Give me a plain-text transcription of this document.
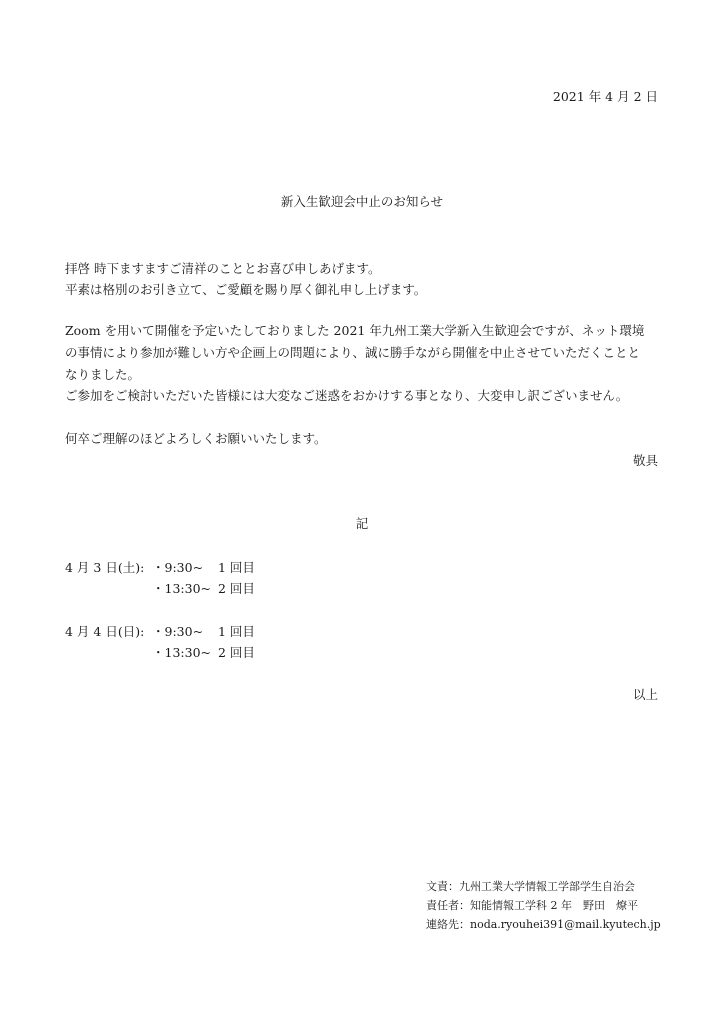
2021 年 4 月 2 日
新入生歓迎会中止のお知らせ
拝啓 時下ますますご清祥のこととお喜び申しあげます。
平素は格別のお引き立て、ご愛顧を賜り厚く御礼申し上げます。
Zoom を用いて開催を予定いたしておりました 2021 年九州工業大学新入生歓迎会ですが、ネット環境
の事情により参加が難しい方や企画上の問題により、誠に勝手ながら開催を中止させていただくことと
なりました。
ご参加をご検討いただいた皆様には大変なご迷惑をおかけする事となり、大変申し訳ございません。
何卒ご理解のほどよろしくお願いいたします。
敬具
記
4 月 3 日(土): ・9:30~ 1 回目
・13:30~ 2 回目
4 月 4 日(日): ・9:30~ 1 回目
・13:30~ 2 回目
以上
文責：九州工業大学情報工学部学生自治会
責任者：知能情報工学科 2 年　野田　燎平
連絡先：noda.ryouhei391@mail.kyutech.jp
